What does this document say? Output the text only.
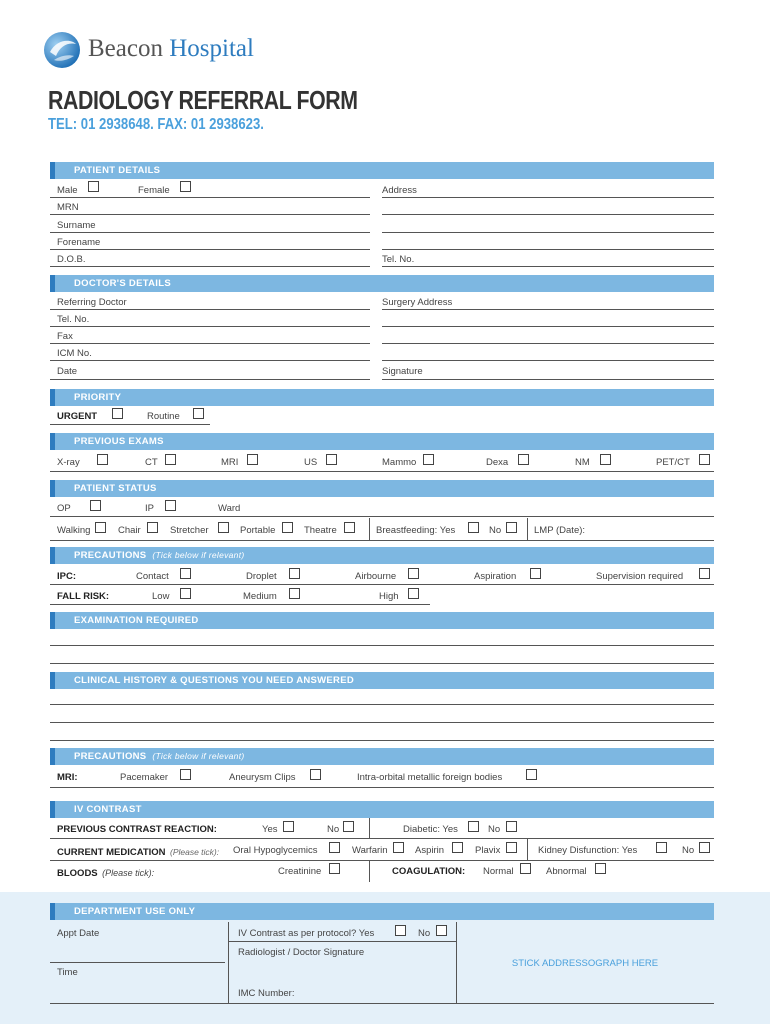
Beacon Hospital
RADIOLOGY REFERRAL FORM
TEL: 01 2938648. FAX: 01 2938623.
PATIENT DETAILS
Male	Female	Address
MRN
Surname
Forename
D.O.B.	Tel. No.
DOCTOR'S DETAILS
Referring Doctor	Surgery Address
Tel. No.
Fax
ICM No.
Date	Signature
PRIORITY
URGENT	Routine
PREVIOUS EXAMS
X-ray	CT	MRI	US	Mammo	Dexa	NM	PET/CT
PATIENT STATUS
OP	IP	Ward
Walking	Chair	Stretcher	Portable	Theatre	Breastfeeding: Yes	No	LMP (Date):
PRECAUTIONS (Tick below if relevant)
IPC:	Contact	Droplet	Airbourne	Aspiration	Supervision required
FALL RISK:	Low	Medium	High
EXAMINATION REQUIRED
CLINICAL HISTORY & QUESTIONS YOU NEED ANSWERED
PRECAUTIONS (Tick below if relevant)
MRI:	Pacemaker	Aneurysm Clips	Intra-orbital metallic foreign bodies
IV CONTRAST
PREVIOUS CONTRAST REACTION:	Yes	No	Diabetic: Yes	No
CURRENT MEDICATION (Please tick): Oral Hypoglycemics	Warfarin	Aspirin	Plavix	Kidney Disfunction: Yes	No
BLOODS (Please tick):	Creatinine	COAGULATION: Normal	Abnormal
DEPARTMENT USE ONLY
Appt Date
Time
IV Contrast as per protocol? Yes	No
Radiologist / Doctor Signature
IMC Number:
STICK ADDRESSOGRAPH HERE
